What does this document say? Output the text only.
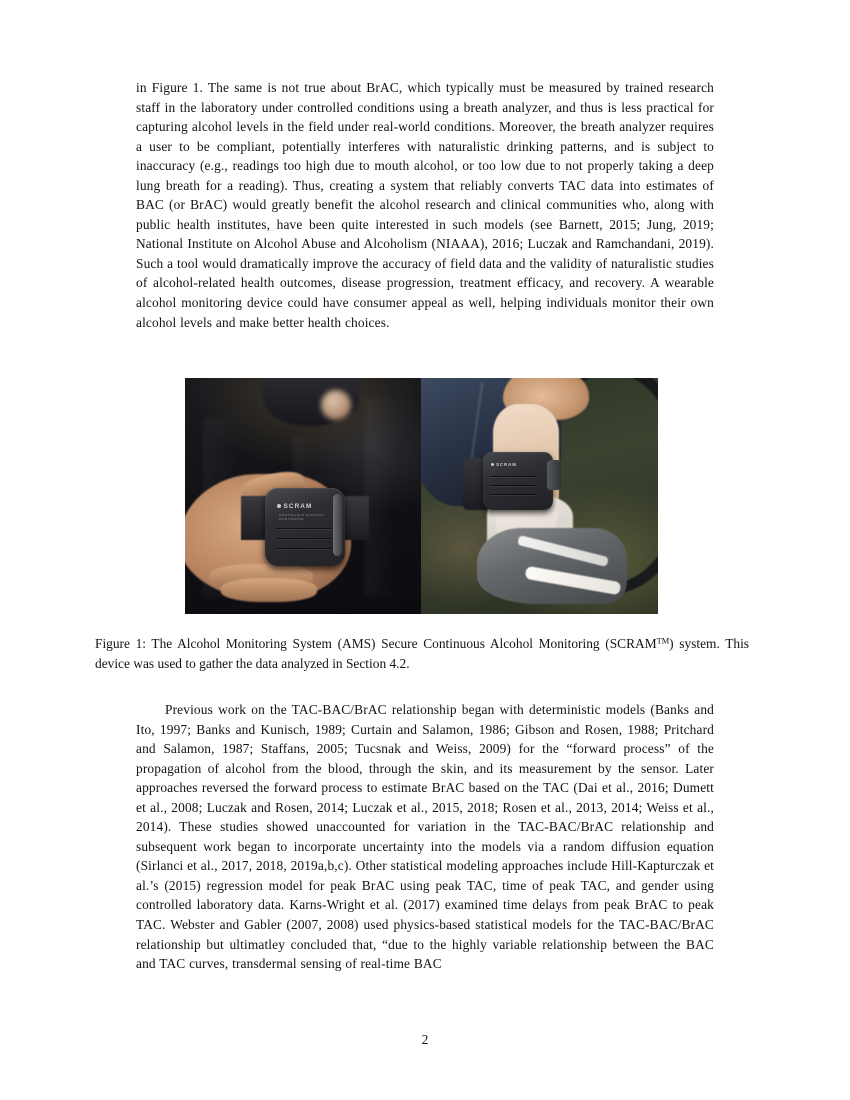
in Figure 1. The same is not true about BrAC, which typically must be measured by trained research staff in the laboratory under controlled conditions using a breath analyzer, and thus is less practical for capturing alcohol levels in the field under real-world conditions. Moreover, the breath analyzer requires a user to be compliant, potentially interferes with naturalistic drinking patterns, and is subject to inaccuracy (e.g., readings too high due to mouth alcohol, or too low due to not properly taking a deep lung breath for a reading). Thus, creating a system that reliably converts TAC data into estimates of BAC (or BrAC) would greatly benefit the alcohol research and clinical communities who, along with public health institutes, have been quite interested in such models (see Barnett, 2015; Jung, 2019; National Institute on Alcohol Abuse and Alcoholism (NIAAA), 2016; Luczak and Ramchandani, 2019). Such a tool would dramatically improve the accuracy of field data and the validity of naturalistic studies of alcohol-related health outcomes, disease progression, treatment efficacy, and recovery. A wearable alcohol monitoring device could have consumer appeal as well, helping individuals monitor their own alcohol levels and make better health choices.

SCRAM
CONTINUOUS ALCOHOL
MONITORING
SCRAM
Figure 1: The Alcohol Monitoring System (AMS) Secure Continuous Alcohol Monitoring (SCRAM™) system. This device was used to gather the data analyzed in Section 4.2.

Previous work on the TAC-BAC/BrAC relationship began with deterministic models (Banks and Ito, 1997; Banks and Kunisch, 1989; Curtain and Salamon, 1986; Gibson and Rosen, 1988; Pritchard and Salamon, 1987; Staffans, 2005; Tucsnak and Weiss, 2009) for the “forward process” of the propagation of alcohol from the blood, through the skin, and its measurement by the sensor. Later approaches reversed the forward process to estimate BrAC based on the TAC (Dai et al., 2016; Dumett et al., 2008; Luczak and Rosen, 2014; Luczak et al., 2015, 2018; Rosen et al., 2013, 2014; Weiss et al., 2014). These studies showed unaccounted for variation in the TAC-BAC/BrAC relationship and subsequent work began to incorporate uncertainty into the models via a random diffusion equation (Sirlanci et al., 2017, 2018, 2019a,b,c). Other statistical modeling approaches include Hill-Kapturczak et al.’s (2015) regression model for peak BrAC using peak TAC, time of peak TAC, and gender using controlled laboratory data. Karns-Wright et al. (2017) examined time delays from peak BrAC to peak TAC. Webster and Gabler (2007, 2008) used physics-based statistical models for the TAC-BAC/BrAC relationship but ultimatley concluded that, “due to the highly variable relationship between the BAC and TAC curves, transdermal sensing of real-time BAC

2
